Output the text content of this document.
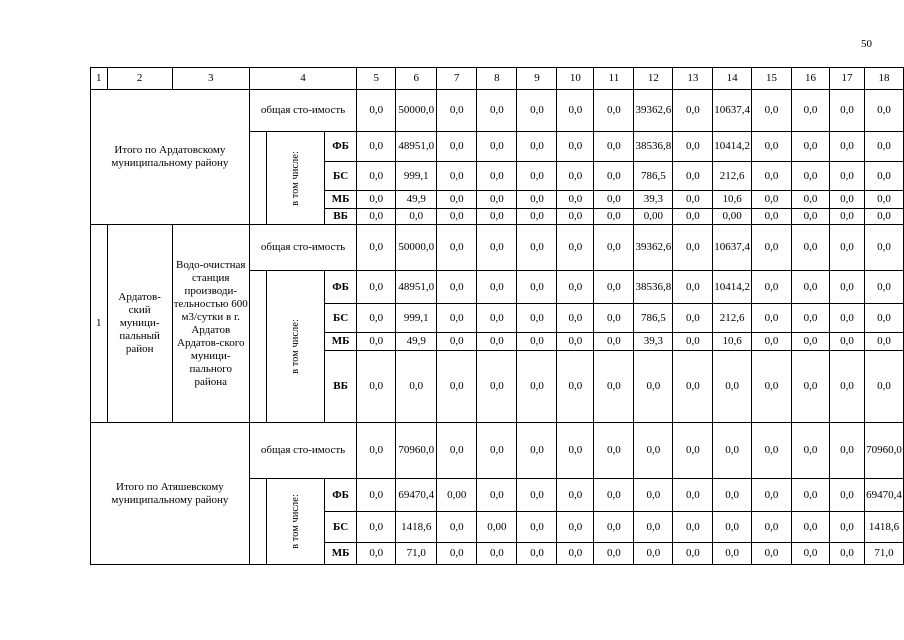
50
1	2	3	4			5	6	7	8	9	10	11	12	13	14	15	16	17	18
Итого по Ардатовскому муниципальному району			общая сто-имость			0,0	50000,0	0,0	0,0	0,0	0,0	0,0	39362,6	0,0	10637,4	0,0	0,0	0,0	0,0
				в том числе:	ФБ	0,0	48951,0	0,0	0,0	0,0	0,0	0,0	38536,8	0,0	10414,2	0,0	0,0	0,0	0,0
					БС	0,0	999,1	0,0	0,0	0,0	0,0	0,0	786,5	0,0	212,6	0,0	0,0	0,0	0,0
					МБ	0,0	49,9	0,0	0,0	0,0	0,0	0,0	39,3	0,0	10,6	0,0	0,0	0,0	0,0
					ВБ	0,0	0,0	0,0	0,0	0,0	0,0	0,0	0,00	0,0	0,00	0,0	0,0	0,0	0,0
1	Ардатов-ский муници-пальный район	Водо-очистная станция производи-тельностью 600 м3/сутки в г. Ардатов Ардатов-ского муници-пального района	общая сто-имость			0,0	50000,0	0,0	0,0	0,0	0,0	0,0	39362,6	0,0	10637,4	0,0	0,0	0,0	0,0
				в том числе:	ФБ	0,0	48951,0	0,0	0,0	0,0	0,0	0,0	38536,8	0,0	10414,2	0,0	0,0	0,0	0,0
					БС	0,0	999,1	0,0	0,0	0,0	0,0	0,0	786,5	0,0	212,6	0,0	0,0	0,0	0,0
					МБ	0,0	49,9	0,0	0,0	0,0	0,0	0,0	39,3	0,0	10,6	0,0	0,0	0,0	0,0
					ВБ	0,0	0,0	0,0	0,0	0,0	0,0	0,0	0,0	0,0	0,0	0,0	0,0	0,0	0,0
Итого по Атяшевскому муниципальному району			общая сто-имость			0,0	70960,0	0,0	0,0	0,0	0,0	0,0	0,0	0,0	0,0	0,0	0,0	0,0	70960,0
				в том числе:	ФБ	0,0	69470,4	0,00	0,0	0,0	0,0	0,0	0,0	0,0	0,0	0,0	0,0	0,0	69470,4
					БС	0,0	1418,6	0,0	0,00	0,0	0,0	0,0	0,0	0,0	0,0	0,0	0,0	0,0	1418,6
					МБ	0,0	71,0	0,0	0,0	0,0	0,0	0,0	0,0	0,0	0,0	0,0	0,0	0,0	71,0
